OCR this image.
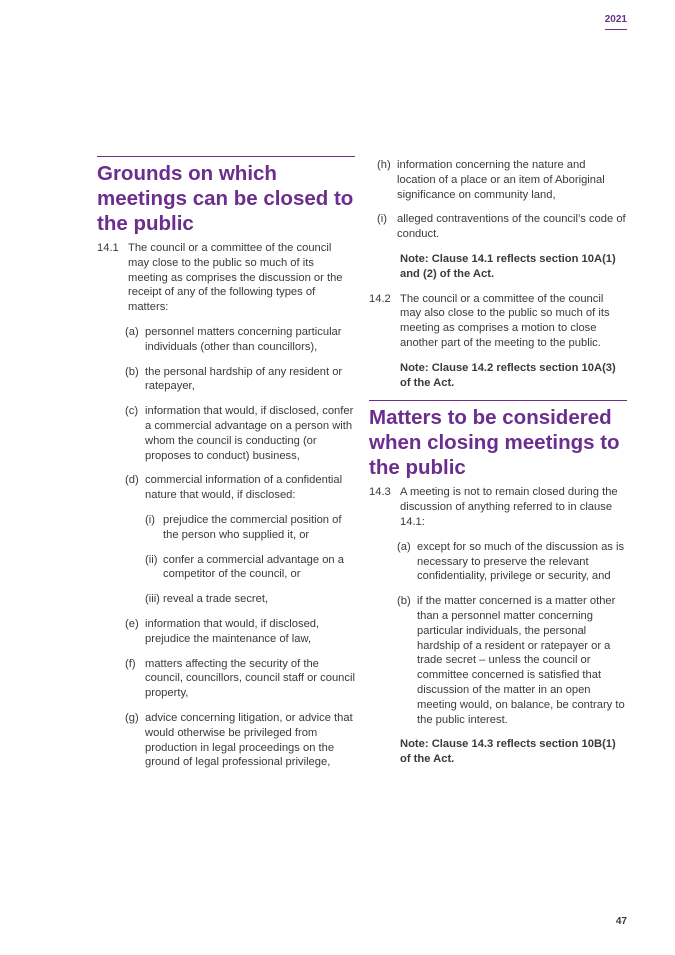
2021
Grounds on which meetings can be closed to the public
14.1 The council or a committee of the council may close to the public so much of its meeting as comprises the discussion or the receipt of any of the following types of matters:
(a) personnel matters concerning particular individuals (other than councillors),
(b) the personal hardship of any resident or ratepayer,
(c) information that would, if disclosed, confer a commercial advantage on a person with whom the council is conducting (or proposes to conduct) business,
(d) commercial information of a confidential nature that would, if disclosed:
(i) prejudice the commercial position of the person who supplied it, or
(ii) confer a commercial advantage on a competitor of the council, or
(iii) reveal a trade secret,
(e) information that would, if disclosed, prejudice the maintenance of law,
(f) matters affecting the security of the council, councillors, council staff or council property,
(g) advice concerning litigation, or advice that would otherwise be privileged from production in legal proceedings on the ground of legal professional privilege,
(h) information concerning the nature and location of a place or an item of Aboriginal significance on community land,
(i) alleged contraventions of the council’s code of conduct.
Note: Clause 14.1 reflects section 10A(1) and (2) of the Act.
14.2 The council or a committee of the council may also close to the public so much of its meeting as comprises a motion to close another part of the meeting to the public.
Note: Clause 14.2 reflects section 10A(3) of the Act.
Matters to be considered when closing meetings to the public
14.3 A meeting is not to remain closed during the discussion of anything referred to in clause 14.1:
(a) except for so much of the discussion as is necessary to preserve the relevant confidentiality, privilege or security, and
(b) if the matter concerned is a matter other than a personnel matter concerning particular individuals, the personal hardship of a resident or ratepayer or a trade secret – unless the council or committee concerned is satisfied that discussion of the matter in an open meeting would, on balance, be contrary to the public interest.
Note: Clause 14.3 reflects section 10B(1) of the Act.
47
